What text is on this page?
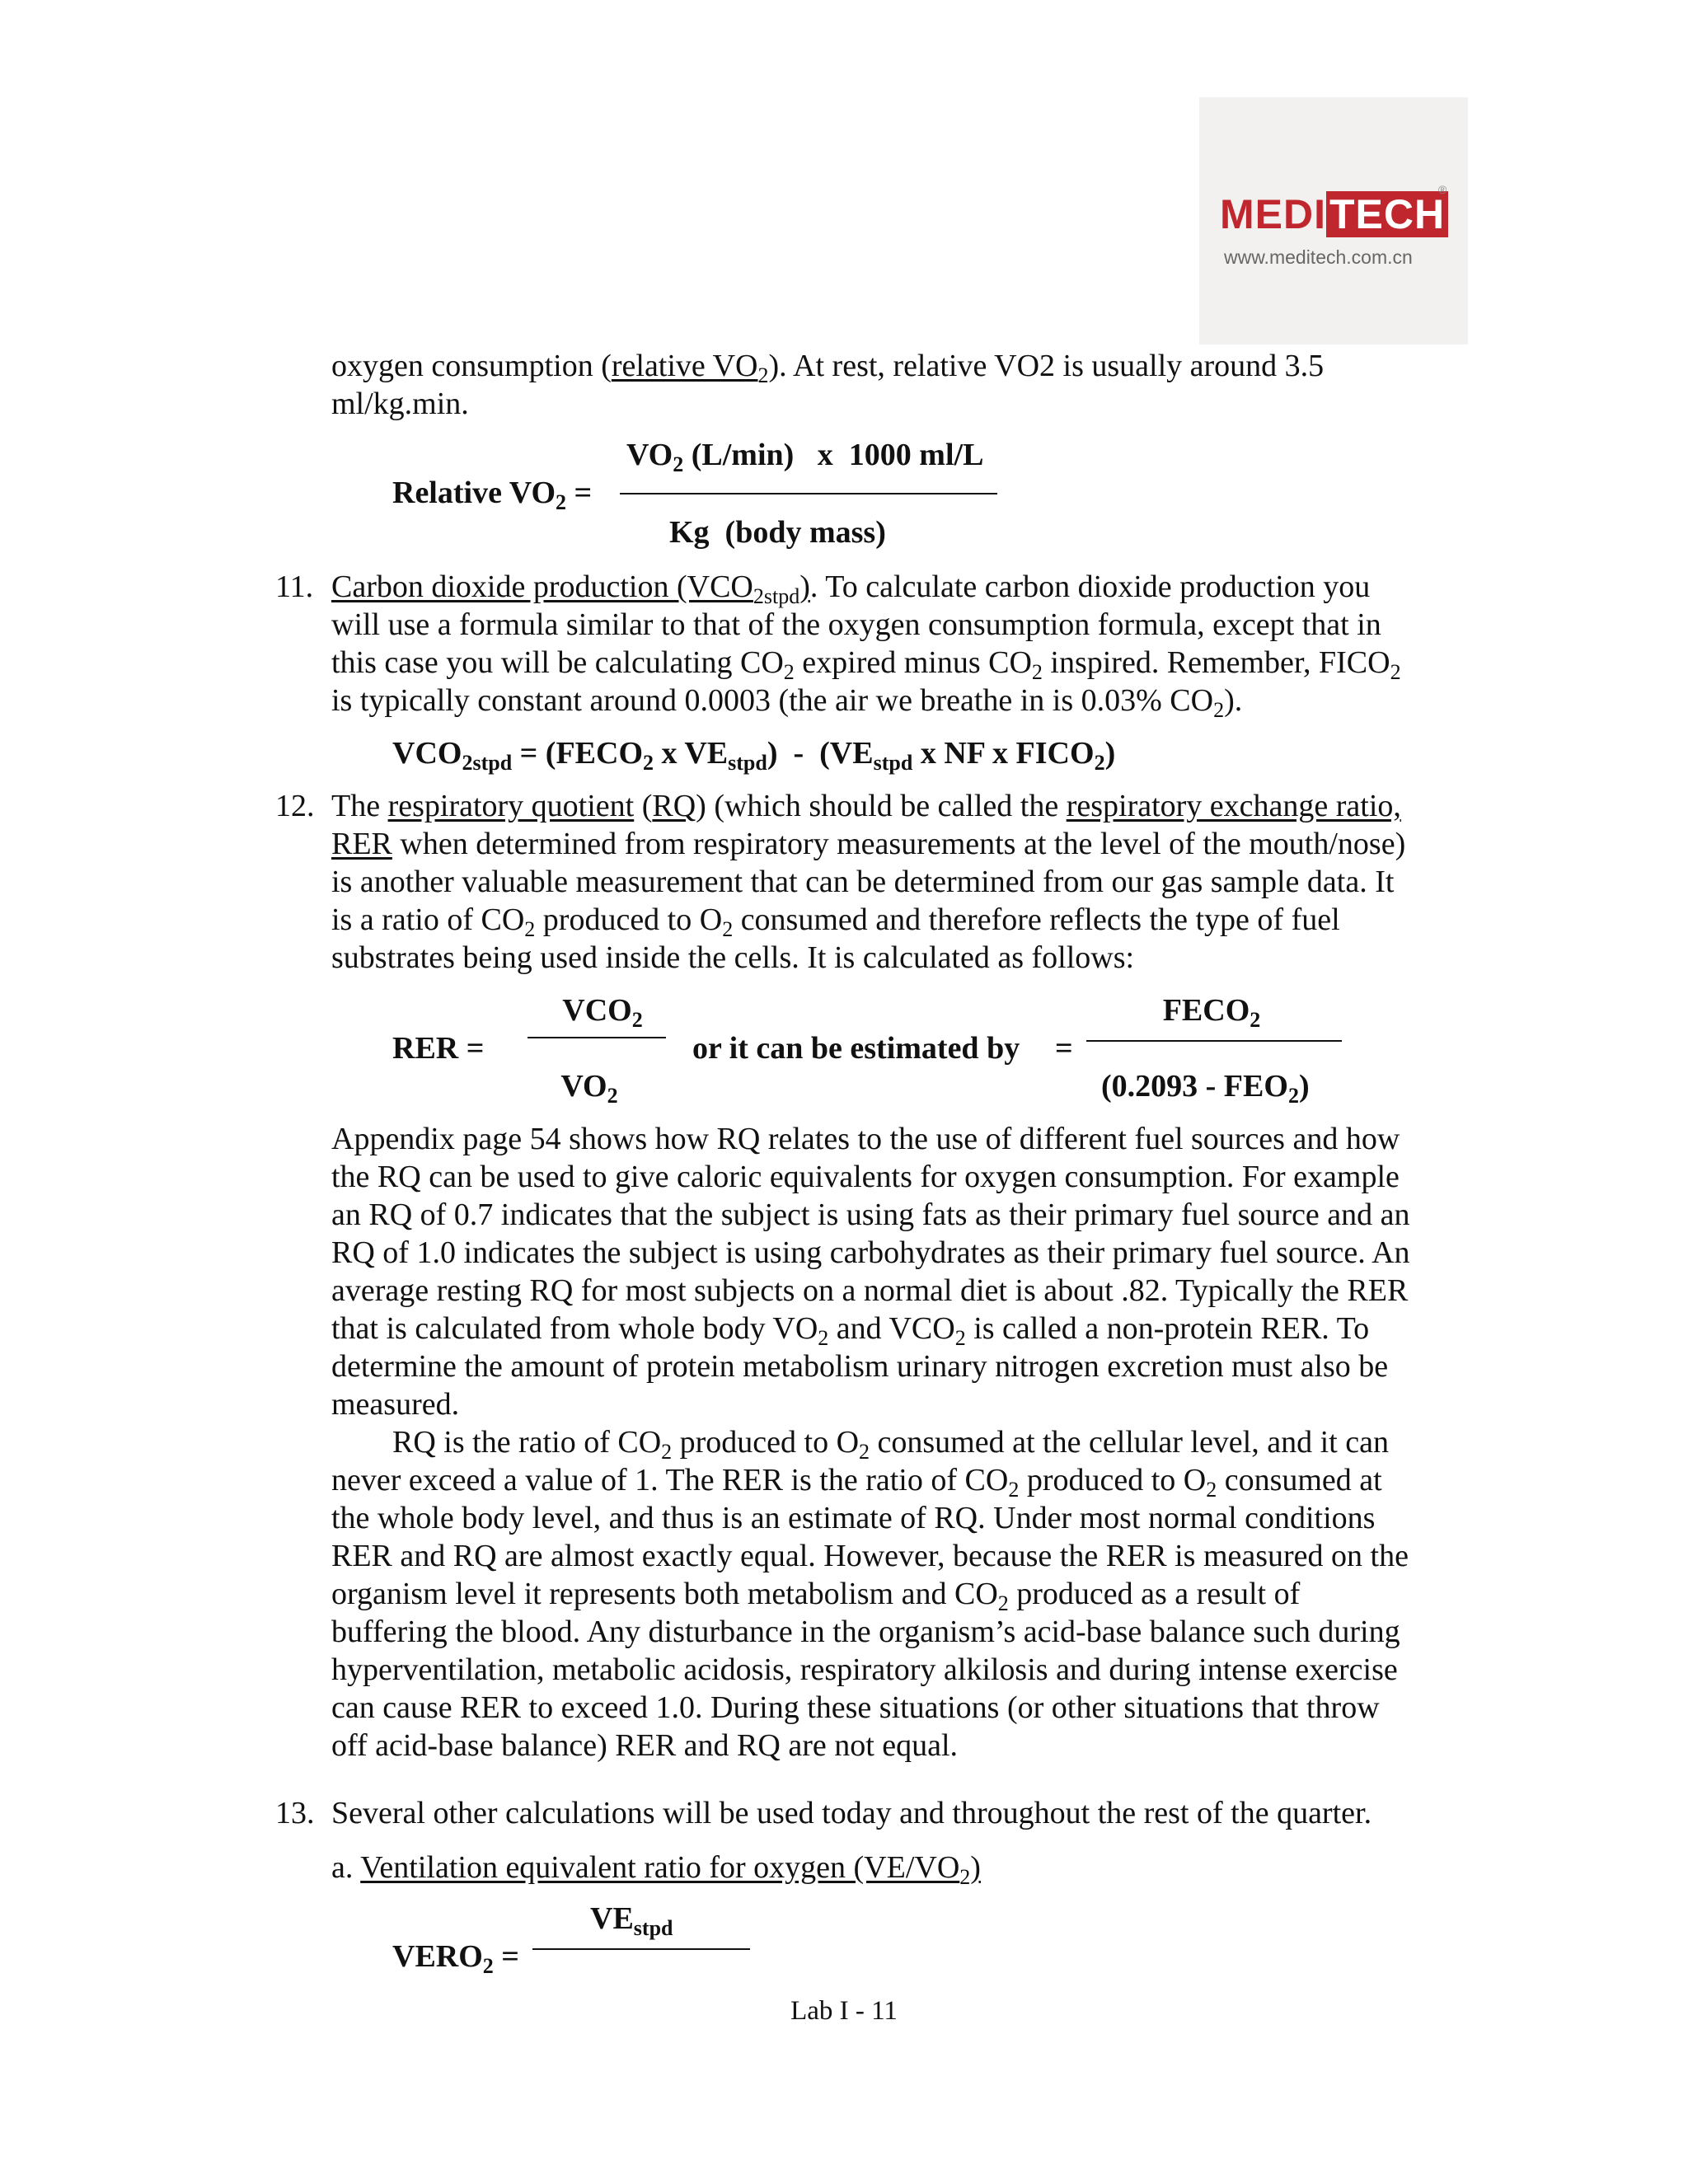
MEDITECH
®
www.meditech.com.cn
oxygen consumption (relative $VO_2$). At rest, relative VO2 is usually around 3.5
ml/kg.min.
$VO_2$ (L/min)   x  1000 ml/L
Relative $VO_2$ =
Kg  (body mass)
11. Carbon dioxide production $(VCO_{2stpd})$. To calculate carbon dioxide production you
will use a formula similar to that of the oxygen consumption formula, except that in
this case you will be calculating $CO_2$ expired minus $CO_2$ inspired. Remember, $FICO_2$
is typically constant around 0.0003 (the air we breathe in is 0.03% $CO_2$).
$VCO_{2stpd}$ = ($FECO_2$ x $VE_{stpd}) - (VE_{stpd}$ x NF x $FICO_2$)
12. The respiratory quotient (RQ) (which should be called the respiratory exchange ratio,
RER when determined from respiratory measurements at the level of the mouth/nose)
is another valuable measurement that can be determined from our gas sample data. It
is a ratio of $CO_2$ produced to $O_2$ consumed and therefore reflects the type of fuel
substrates being used inside the cells. It is calculated as follows:
$VCO_2$
RER =
$VO_2$
or it can be estimated by =
$FECO_2$
$(0.2093 - FEO_2)$
Appendix page 54 shows how RQ relates to the use of different fuel sources and how
the RQ can be used to give caloric equivalents for oxygen consumption. For example
an RQ of 0.7 indicates that the subject is using fats as their primary fuel source and an
RQ of 1.0 indicates the subject is using carbohydrates as their primary fuel source. An
average resting RQ for most subjects on a normal diet is about .82. Typically the RER
that is calculated from whole body $VO_2$ and $VCO_2$ is called a non-protein RER. To
determine the amount of protein metabolism urinary nitrogen excretion must also be
measured.
RQ is the ratio of $CO_2$ produced to $O_2$ consumed at the cellular level, and it can
never exceed a value of 1. The RER is the ratio of $CO_2$ produced to $O_2$ consumed at
the whole body level, and thus is an estimate of RQ. Under most normal conditions
RER and RQ are almost exactly equal. However, because the RER is measured on the
organism level it represents both metabolism and $CO_2$ produced as a result of
buffering the blood. Any disturbance in the organism’s acid-base balance such during
hyperventilation, metabolic acidosis, respiratory alkilosis and during intense exercise
can cause RER to exceed 1.0. During these situations (or other situations that throw
off acid-base balance) RER and RQ are not equal.
13. Several other calculations will be used today and throughout the rest of the quarter.
a. Ventilation equivalent ratio for oxygen $(VE/VO_2)$
$VE_{stpd}$
$VERO_2$ =
Lab I - 11
